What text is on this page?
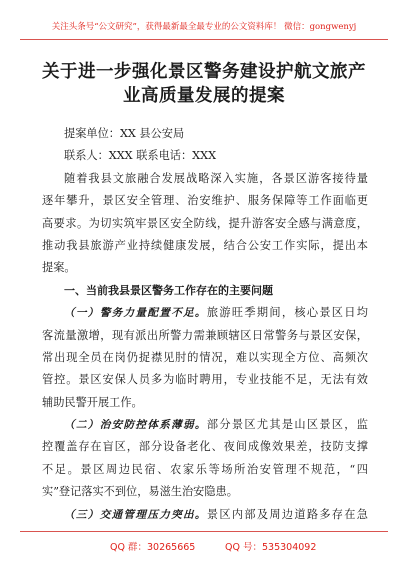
关注头条号“公文研究”，获得最新最全最专业的公文资料库！ 微信：gongwenyj
关于进一步强化景区警务建设护航文旅产
业高质量发展的提案
提案单位：XX 县公安局
联系人：XXX 联系电话：XXX
随着我县文旅融合发展战略深入实施，各景区游客接待量
逐年攀升，景区安全管理、治安维护、服务保障等工作面临更
高要求。为切实筑牢景区安全防线，提升游客安全感与满意度，
推动我县旅游产业持续健康发展，结合公安工作实际，提出本
提案。
一、当前我县景区警务工作存在的主要问题
（一）警务力量配置不足。旅游旺季期间，核心景区日均
客流量激增，现有派出所警力需兼顾辖区日常警务与景区安保，
常出现全员在岗仍捉襟见肘的情况，难以实现全方位、高频次
管控。景区安保人员多为临时聘用，专业技能不足，无法有效
辅助民警开展工作。
（二）治安防控体系薄弱。部分景区尤其是山区景区，监
控覆盖存在盲区，部分设备老化、夜间成像效果差，技防支撑
不足。景区周边民宿、农家乐等场所治安管理不规范，“四
实”登记落实不到位，易滋生治安隐患。
（三）交通管理压力突出。景区内部及周边道路多存在急
QQ 群：30265665	QQ 号：535304092
